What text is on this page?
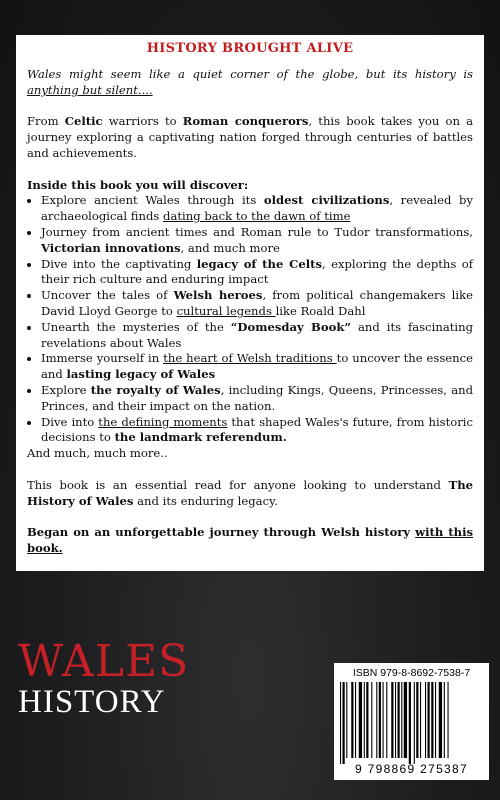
HISTORY BROUGHT ALIVE

Wales might seem like a quiet corner of the globe, but its history is anything but silent....

From Celtic warriors to Roman conquerors, this book takes you on a journey exploring a captivating nation forged through centuries of battles and achievements.

Inside this book you will discover:

• Explore ancient Wales through its oldest civilizations, revealed by archaeological finds dating back to the dawn of time
• Journey from ancient times and Roman rule to Tudor transformations, Victorian innovations, and much more
• Dive into the captivating legacy of the Celts, exploring the depths of their rich culture and enduring impact
• Uncover the tales of Welsh heroes, from political changemakers like David Lloyd George to cultural legends like Roald Dahl
• Unearth the mysteries of the “Domesday Book” and its fascinating revelations about Wales
• Immerse yourself in the heart of Welsh traditions to uncover the essence and lasting legacy of Wales
• Explore the royalty of Wales, including Kings, Queens, Princesses, and Princes, and their impact on the nation.
• Dive into the defining moments that shaped Wales's future, from historic decisions to the landmark referendum.

And much, much more..

This book is an essential read for anyone looking to understand The History of Wales and its enduring legacy.

Began on an unforgettable journey through Welsh history with this book.

WALES
HISTORY
ISBN 979-8-8692-7538-7
9 798869 275387
